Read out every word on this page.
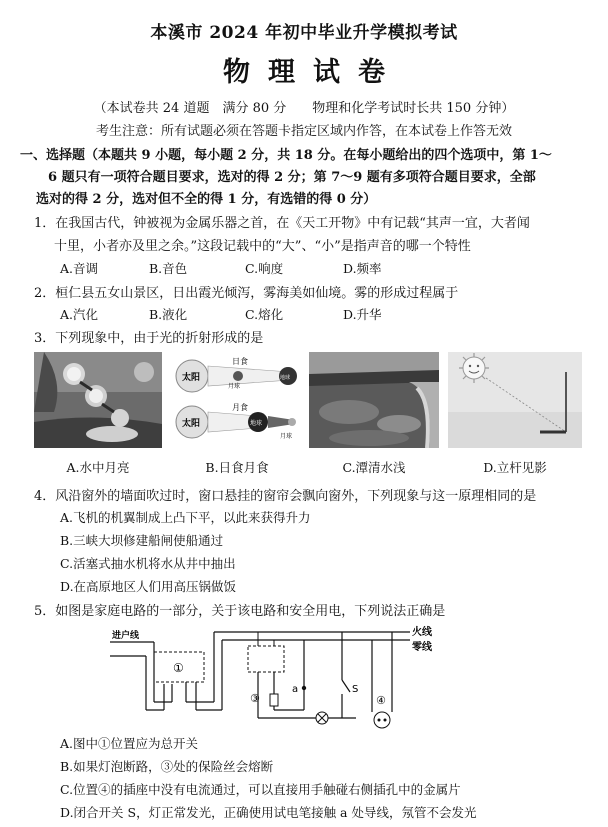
本溪市 2024 年初中毕业升学模拟考试
物理试卷
（本试卷共 24 道题　满分 80 分　　物理和化学考试时长共 150 分钟）
考生注意：所有试题必须在答题卡指定区域内作答，在本试卷上作答无效
一、选择题（本题共 9 小题，每小题 2 分，共 18 分。在每小题给出的四个选项中，第 1～
6 题只有一项符合题目要求，选对的得 2 分；第 7～9 题有多项符合题目要求，全部
选对的得 2 分，选对但不全的得 1 分，有选错的得 0 分）
1．在我国古代，钟被视为金属乐器之首，在《天工开物》中有记载“其声一宜，大者闻
十里，小者亦及里之余。”这段记载中的“大”、“小”是指声音的哪一个特性
A.音调	B.音色	C.响度	D.频率
2．桓仁县五女山景区，日出霞光倾泻，雾海美如仙境。雾的形成过程属于
A.汽化	B.液化	C.熔化	D.升华
3．下列现象中，由于光的折射形成的是
太阳	地球
日食
月球
太阳	地球
月食
月球
A.水中月亮	B.日食月食	C.潭清水浅	D.立杆见影
4．风沿窗外的墙面吹过时，窗口悬挂的窗帘会飘向窗外，下列现象与这一原理相同的是
A.飞机的机翼制成上凸下平，以此来获得升力
B.三峡大坝修建船闸使船通过
C.活塞式抽水机将水从井中抽出
D.在高原地区人们用高压锅做饭
5．如图是家庭电路的一部分，关于该电路和安全用电，下列说法正确是
进户线	火线
零线
①
③
a	S
④
A.图中①位置应为总开关
B.如果灯泡断路，③处的保险丝会熔断
C.位置④的插座中没有电流通过，可以直接用手触碰右侧插孔中的金属片
D.闭合开关 S，灯正常发光，正确使用试电笔接触 a 处导线，氖管不会发光
